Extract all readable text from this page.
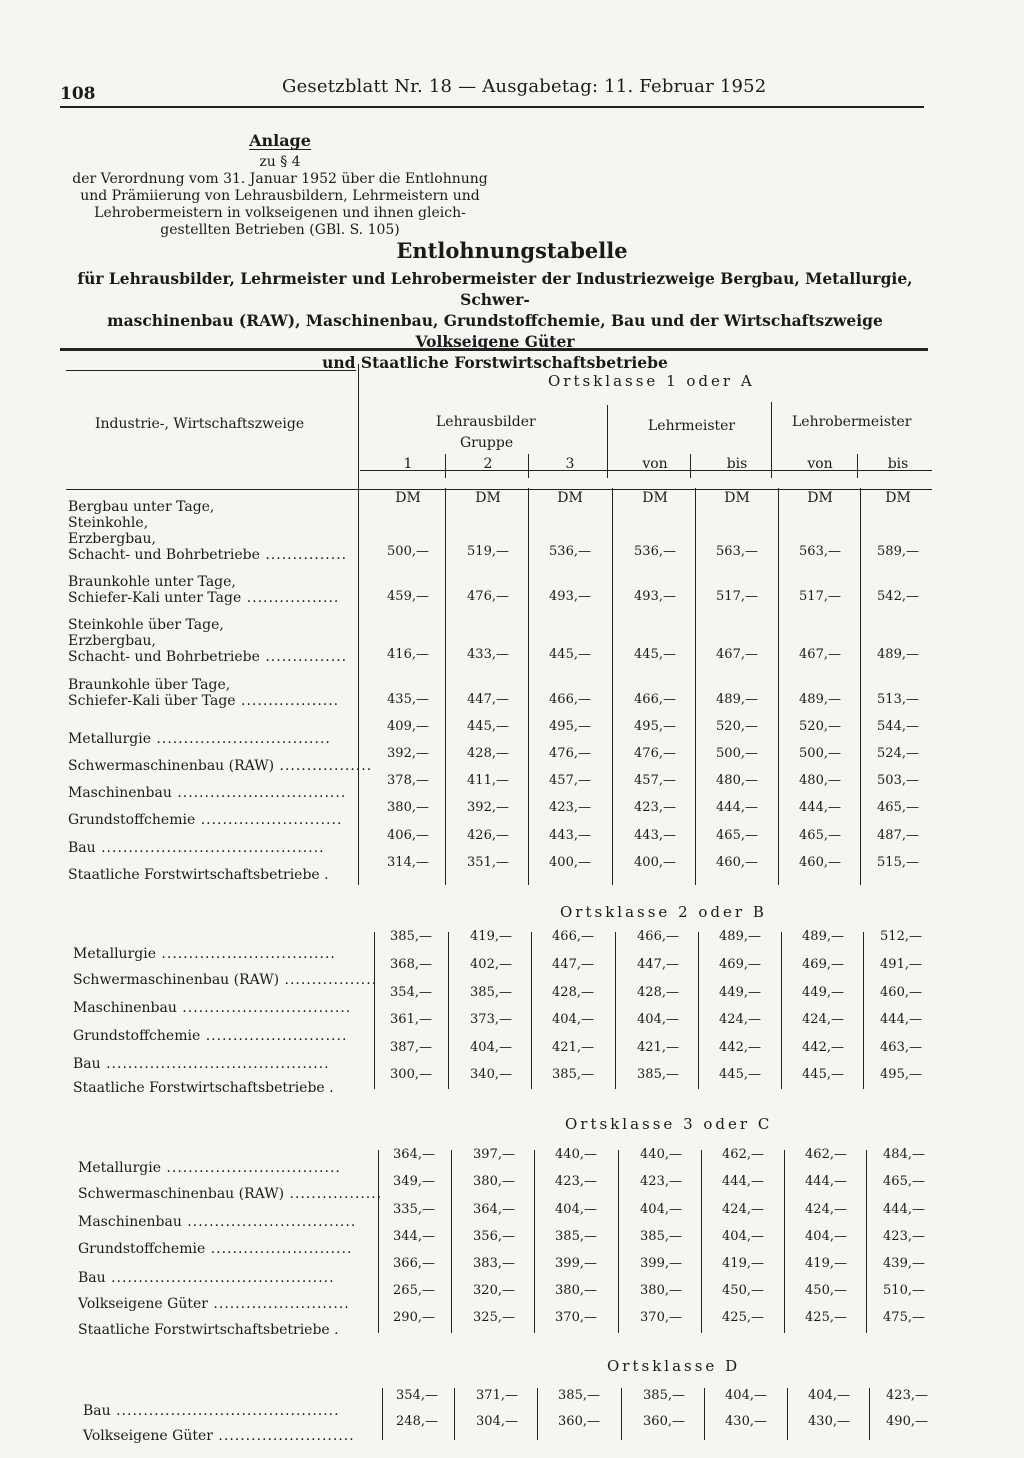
108	Gesetzblatt Nr. 18 — Ausgabetag: 11. Februar 1952
Anlage
zu § 4
der Verordnung vom 31. Januar 1952 über die Entlohnung
und Prämiierung von Lehrausbildern, Lehrmeistern und
Lehrobermeistern in volkseigenen und ihnen gleich-
gestellten Betrieben (GBl. S. 105)
Entlohnungstabelle
für Lehrausbilder, Lehrmeister und Lehrobermeister der Industriezweige Bergbau, Metallurgie, Schwer-
maschinenbau (RAW), Maschinenbau, Grundstoffchemie, Bau und der Wirtschaftszweige Volkseigene Güter
und Staatliche Forstwirtschaftsbetriebe
Ortsklasse 1 oder A
Industrie-, Wirtschaftszweige	Lehrausbilder
Gruppe
Lehrmeister	Lehrobermeister
1	2	3	von	bis	von	bis
DM	DM	DM	DM	DM	DM	DM
Bergbau unter Tage,
Steinkohle,
Erzbergbau,
Schacht- und Bohrbetriebe ...............	500,—	519,—	536,—	536,—	563,—	563,—	589,—
Braunkohle unter Tage,
Schiefer-Kali unter Tage .................	459,—	476,—	493,—	493,—	517,—	517,—	542,—
Steinkohle über Tage,
Erzbergbau,
Schacht- und Bohrbetriebe ...............	416,—	433,—	445,—	445,—	467,—	467,—	489,—
Braunkohle über Tage,
Schiefer-Kali über Tage ..................	435,—	447,—	466,—	466,—	489,—	489,—	513,—
Metallurgie ................................
409,—	445,—	495,—	495,—	520,—	520,—	544,—
Schwermaschinenbau (RAW) .................
392,—	428,—	476,—	476,—	500,—	500,—	524,—
Maschinenbau ...............................
378,—	411,—	457,—	457,—	480,—	480,—	503,—
Grundstoffchemie ..........................
380,—	392,—	423,—	423,—	444,—	444,—	465,—
Bau .........................................
406,—	426,—	443,—	443,—	465,—	465,—	487,—
Staatliche Forstwirtschaftsbetriebe .
314,—	351,—	400,—	400,—	460,—	460,—	515,—
Ortsklasse 2 oder B
Metallurgie ................................
385,—	419,—	466,—	466,—	489,—	489,—	512,—
Schwermaschinenbau (RAW) .................
368,—	402,—	447,—	447,—	469,—	469,—	491,—
Maschinenbau ...............................
354,—	385,—	428,—	428,—	449,—	449,—	460,—
Grundstoffchemie ..........................
361,—	373,—	404,—	404,—	424,—	424,—	444,—
Bau .........................................
387,—	404,—	421,—	421,—	442,—	442,—	463,—
Staatliche Forstwirtschaftsbetriebe .
300,—	340,—	385,—	385,—	445,—	445,—	495,—
Ortsklasse 3 oder C
Metallurgie ................................
364,—	397,—	440,—	440,—	462,—	462,—	484,—
Schwermaschinenbau (RAW) .................
349,—	380,—	423,—	423,—	444,—	444,—	465,—
Maschinenbau ...............................
335,—	364,—	404,—	404,—	424,—	424,—	444,—
Grundstoffchemie ..........................
344,—	356,—	385,—	385,—	404,—	404,—	423,—
Bau .........................................
366,—	383,—	399,—	399,—	419,—	419,—	439,—
Volkseigene Güter .........................
265,—	320,—	380,—	380,—	450,—	450,—	510,—
Staatliche Forstwirtschaftsbetriebe .
290,—	325,—	370,—	370,—	425,—	425,—	475,—
Ortsklasse D
Bau .........................................
354,—	371,—	385,—	385,—	404,—	404,—	423,—
Volkseigene Güter .........................
248,—	304,—	360,—	360,—	430,—	430,—	490,—
